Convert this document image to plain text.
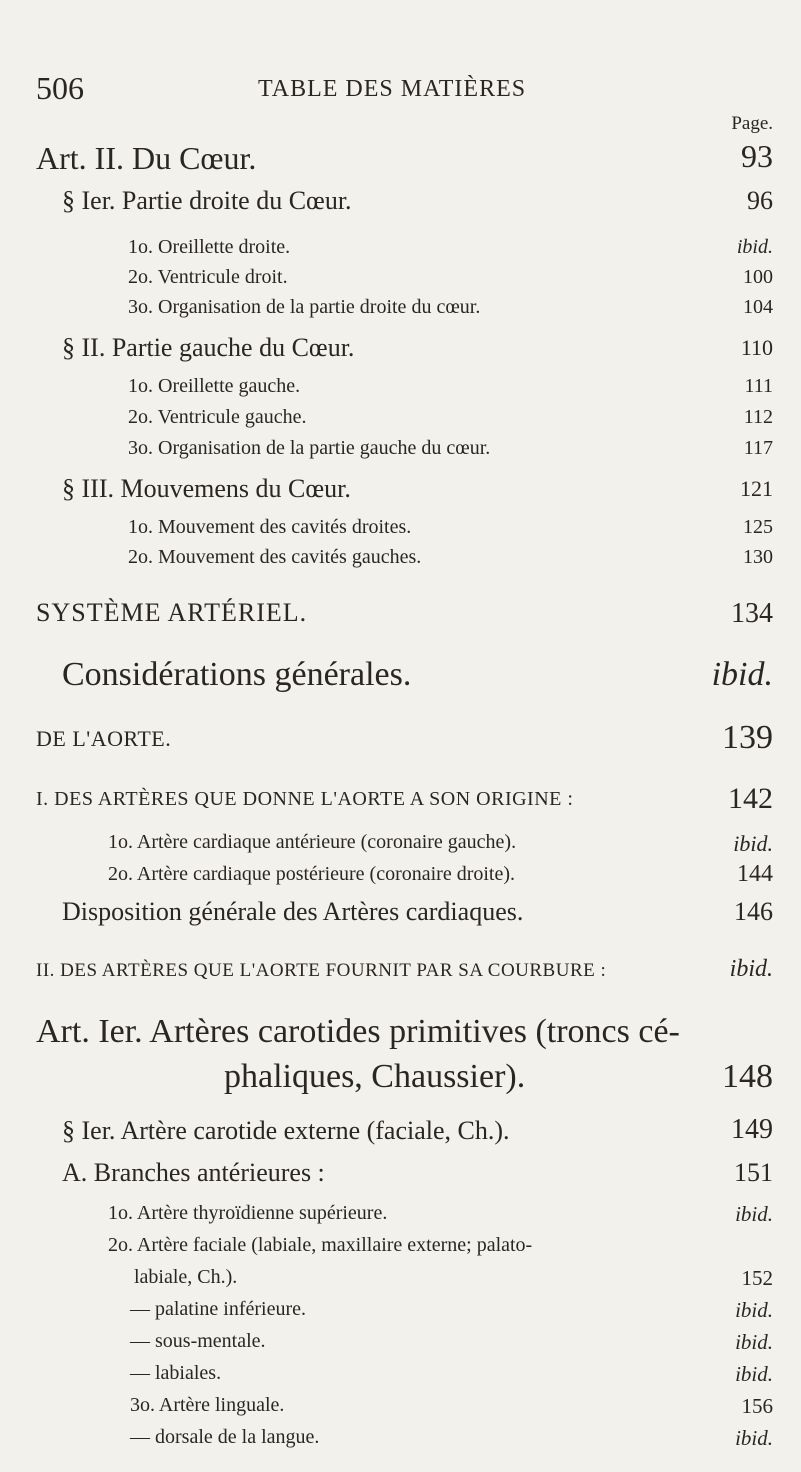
506	TABLE DES MATIÈRES
Page.
Art. II. Du Cœur.	93
§ Ier. Partie droite du Cœur.	96
1o. Oreillette droite.	ibid.
2o. Ventricule droit.	100
3o. Organisation de la partie droite du cœur.	104
§ II. Partie gauche du Cœur.	110
1o. Oreillette gauche.	111
2o. Ventricule gauche.	112
3o. Organisation de la partie gauche du cœur.	117
§ III. Mouvemens du Cœur.	121
1o. Mouvement des cavités droites.	125
2o. Mouvement des cavités gauches.	130
SYSTÈME ARTÉRIEL.	134
Considérations générales.	ibid.
DE L'AORTE.	139
I. DES ARTÈRES QUE DONNE L'AORTE A SON ORIGINE :	142
1o. Artère cardiaque antérieure (coronaire gauche).	ibid.
2o. Artère cardiaque postérieure (coronaire droite).	144
Disposition générale des Artères cardiaques.	146
II. DES ARTÈRES QUE L'AORTE FOURNIT PAR SA COURBURE :	ibid.
Art. Ier. Artères carotides primitives (troncs cé-
phaliques, Chaussier).	148
§ Ier. Artère carotide externe (faciale, Ch.).	149
A. Branches antérieures :	151
1o. Artère thyroïdienne supérieure.	ibid.
2o. Artère faciale (labiale, maxillaire externe; palato-
labiale, Ch.).	152
— palatine inférieure.	ibid.
— sous-mentale.	ibid.
— labiales.	ibid.
3o. Artère linguale.	156
— dorsale de la langue.	ibid.
